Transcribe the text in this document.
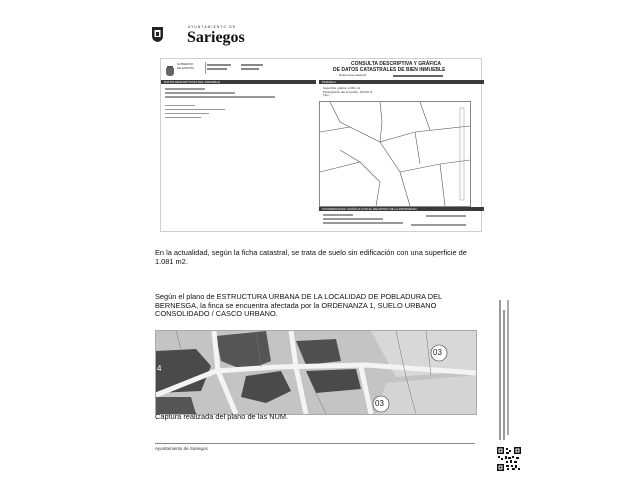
AYUNTAMIENTO DE
Sariegos
GOBIERNO
DE ESPAÑA
CONSULTA DESCRIPTIVA Y GRÁFICA
DE DATOS CATASTRALES DE BIEN INMUEBLE
Referencia catastral:
DATOS DESCRIPTIVOS DEL INMUEBLE	PARCELA
Superficie gráfica: 1.081 m2
Participación del inmueble: 100,00 %
Tipo:
COORDENADAS: GRÁFICA CON EL REGISTRO DE LA PROPIEDAD
En la actualidad, según la ficha catastral, se trata de suelo sin edificación con una superficie de 1.081 m2.
Según el plano de ESTRUCTURA URBANA DE LA LOCALIDAD DE POBLADURA DEL BERNESGA, la finca se encuentra afectada por la ORDENANZA 1, SUELO URBANO CONSOLIDADO / CASCO URBANO.
03
03
4
Captura realizada del plano de las NUM.
Ayuntamiento de Sariegos
